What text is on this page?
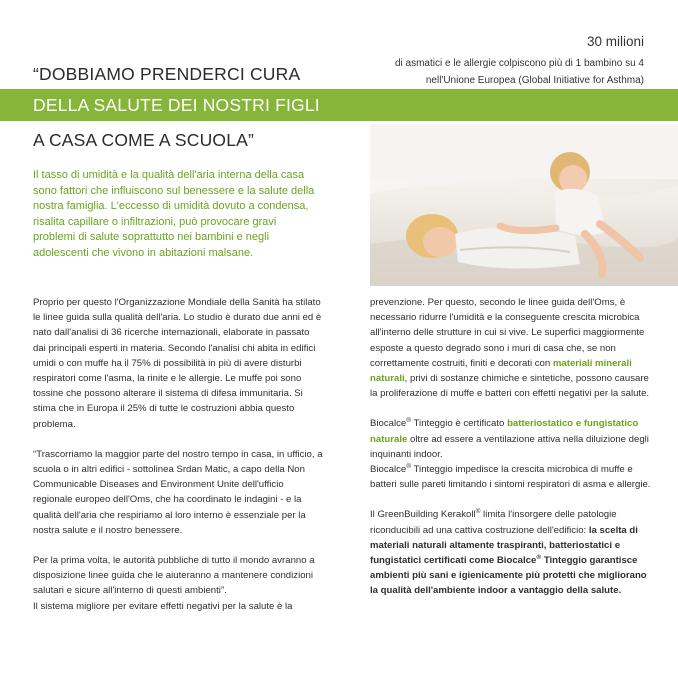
30 milioni
di asmatici e le allergie colpiscono più di 1 bambino su 4 nell'Unione Europea (Global Initiative for Asthma)
“DOBBIAMO PRENDERCI CURA
DELLA SALUTE DEI NOSTRI FIGLI
A CASA COME A SCUOLA”
Il tasso di umidità e la qualità dell'aria interna della casa sono fattori che influiscono sul benessere e la salute della nostra famiglia. L'eccesso di umidità dovuto a condensa, risalita capillare o infiltrazioni, può provocare gravi problemi di salute soprattutto nei bambini e negli adolescenti che vivono in abitazioni malsane.

Proprio per questo l'Organizzazione Mondiale della Sanità ha stilato le linee guida sulla qualità dell'aria. Lo studio è durato due anni ed è nato dall'analisi di 36 ricerche internazionali, elaborate in passato dai principali esperti in materia. Secondo l'analisi chi abita in edifici umidi o con muffe ha il 75% di possibilità in più di avere disturbi respiratori come l'asma, la rinite e le allergie. Le muffe poi sono tossine che possono alterare il sistema di difesa immunitaria. Si stima che in Europa il 25% di tutte le costruzioni abbia questo problema.

“Trascorriamo la maggior parte del nostro tempo in casa, in ufficio, a scuola o in altri edifici - sottolinea Srdan Matic, a capo della Non Communicable Diseases and Environment Unite dell'ufficio regionale europeo dell'Oms, che ha coordinato le indagini - e la qualità dell'aria che respiriamo al loro interno è essenziale per la nostra salute e il nostro benessere.

Per la prima volta, le autorità pubbliche di tutto il mondo avranno a disposizione linee guida che le aiuteranno a mantenere condizioni salutari e sicure all'interno di questi ambienti”.

Il sistema migliore per evitare effetti negativi per la salute è la

prevenzione. Per questo, secondo le linee guida dell'Oms, è necessario ridurre l'umidità e la conseguente crescita microbica all'interno delle strutture in cui si vive. Le superfici maggiormente esposte a questo degrado sono i muri di casa che, se non correttamente costruiti, finiti e decorati con materiali minerali naturali, privi di sostanze chimiche e sintetiche, possono causare la proliferazione di muffe e batteri con effetti negativi per la salute.

Biocalce® Tinteggio è certificato batteriostatico e fungistatico naturale oltre ad essere a ventilazione attiva nella diluizione degli inquinanti indoor.

Biocalce® Tinteggio impedisce la crescita microbica di muffe e batteri sulle pareti limitando i sintomi respiratori di asma e allergie.

Il GreenBuilding Kerakoll® limita l'insorgere delle patologie riconducibili ad una cattiva costruzione dell'edificio: la scelta di materiali naturali altamente traspiranti, batteriostatici e fungistatici certificati come Biocalce® Tinteggio garantisce ambienti più sani e igienicamente più protetti che migliorano la qualità dell'ambiente indoor a vantaggio della salute.
